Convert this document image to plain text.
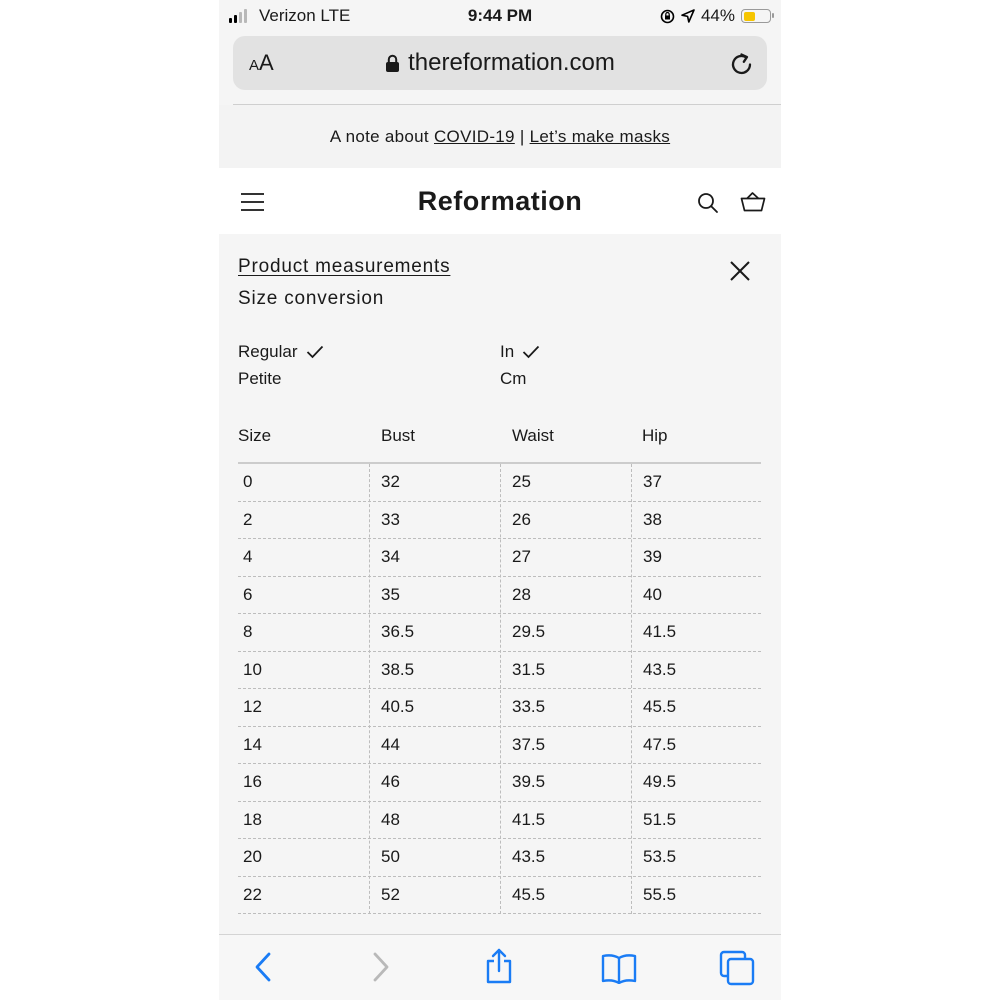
Verizon LTE	9:44 PM	44%
AA	thereformation.com
A note about COVID-19 | Let’s make masks
Reformation
Product measurements
Size conversion
Regular
Petite
In
Cm
Size	Bust	Waist	Hip
0	32	25	37
2	33	26	38
4	34	27	39
6	35	28	40
8	36.5	29.5	41.5
10	38.5	31.5	43.5
12	40.5	33.5	45.5
14	44	37.5	47.5
16	46	39.5	49.5
18	48	41.5	51.5
20	50	43.5	53.5
22	52	45.5	55.5
